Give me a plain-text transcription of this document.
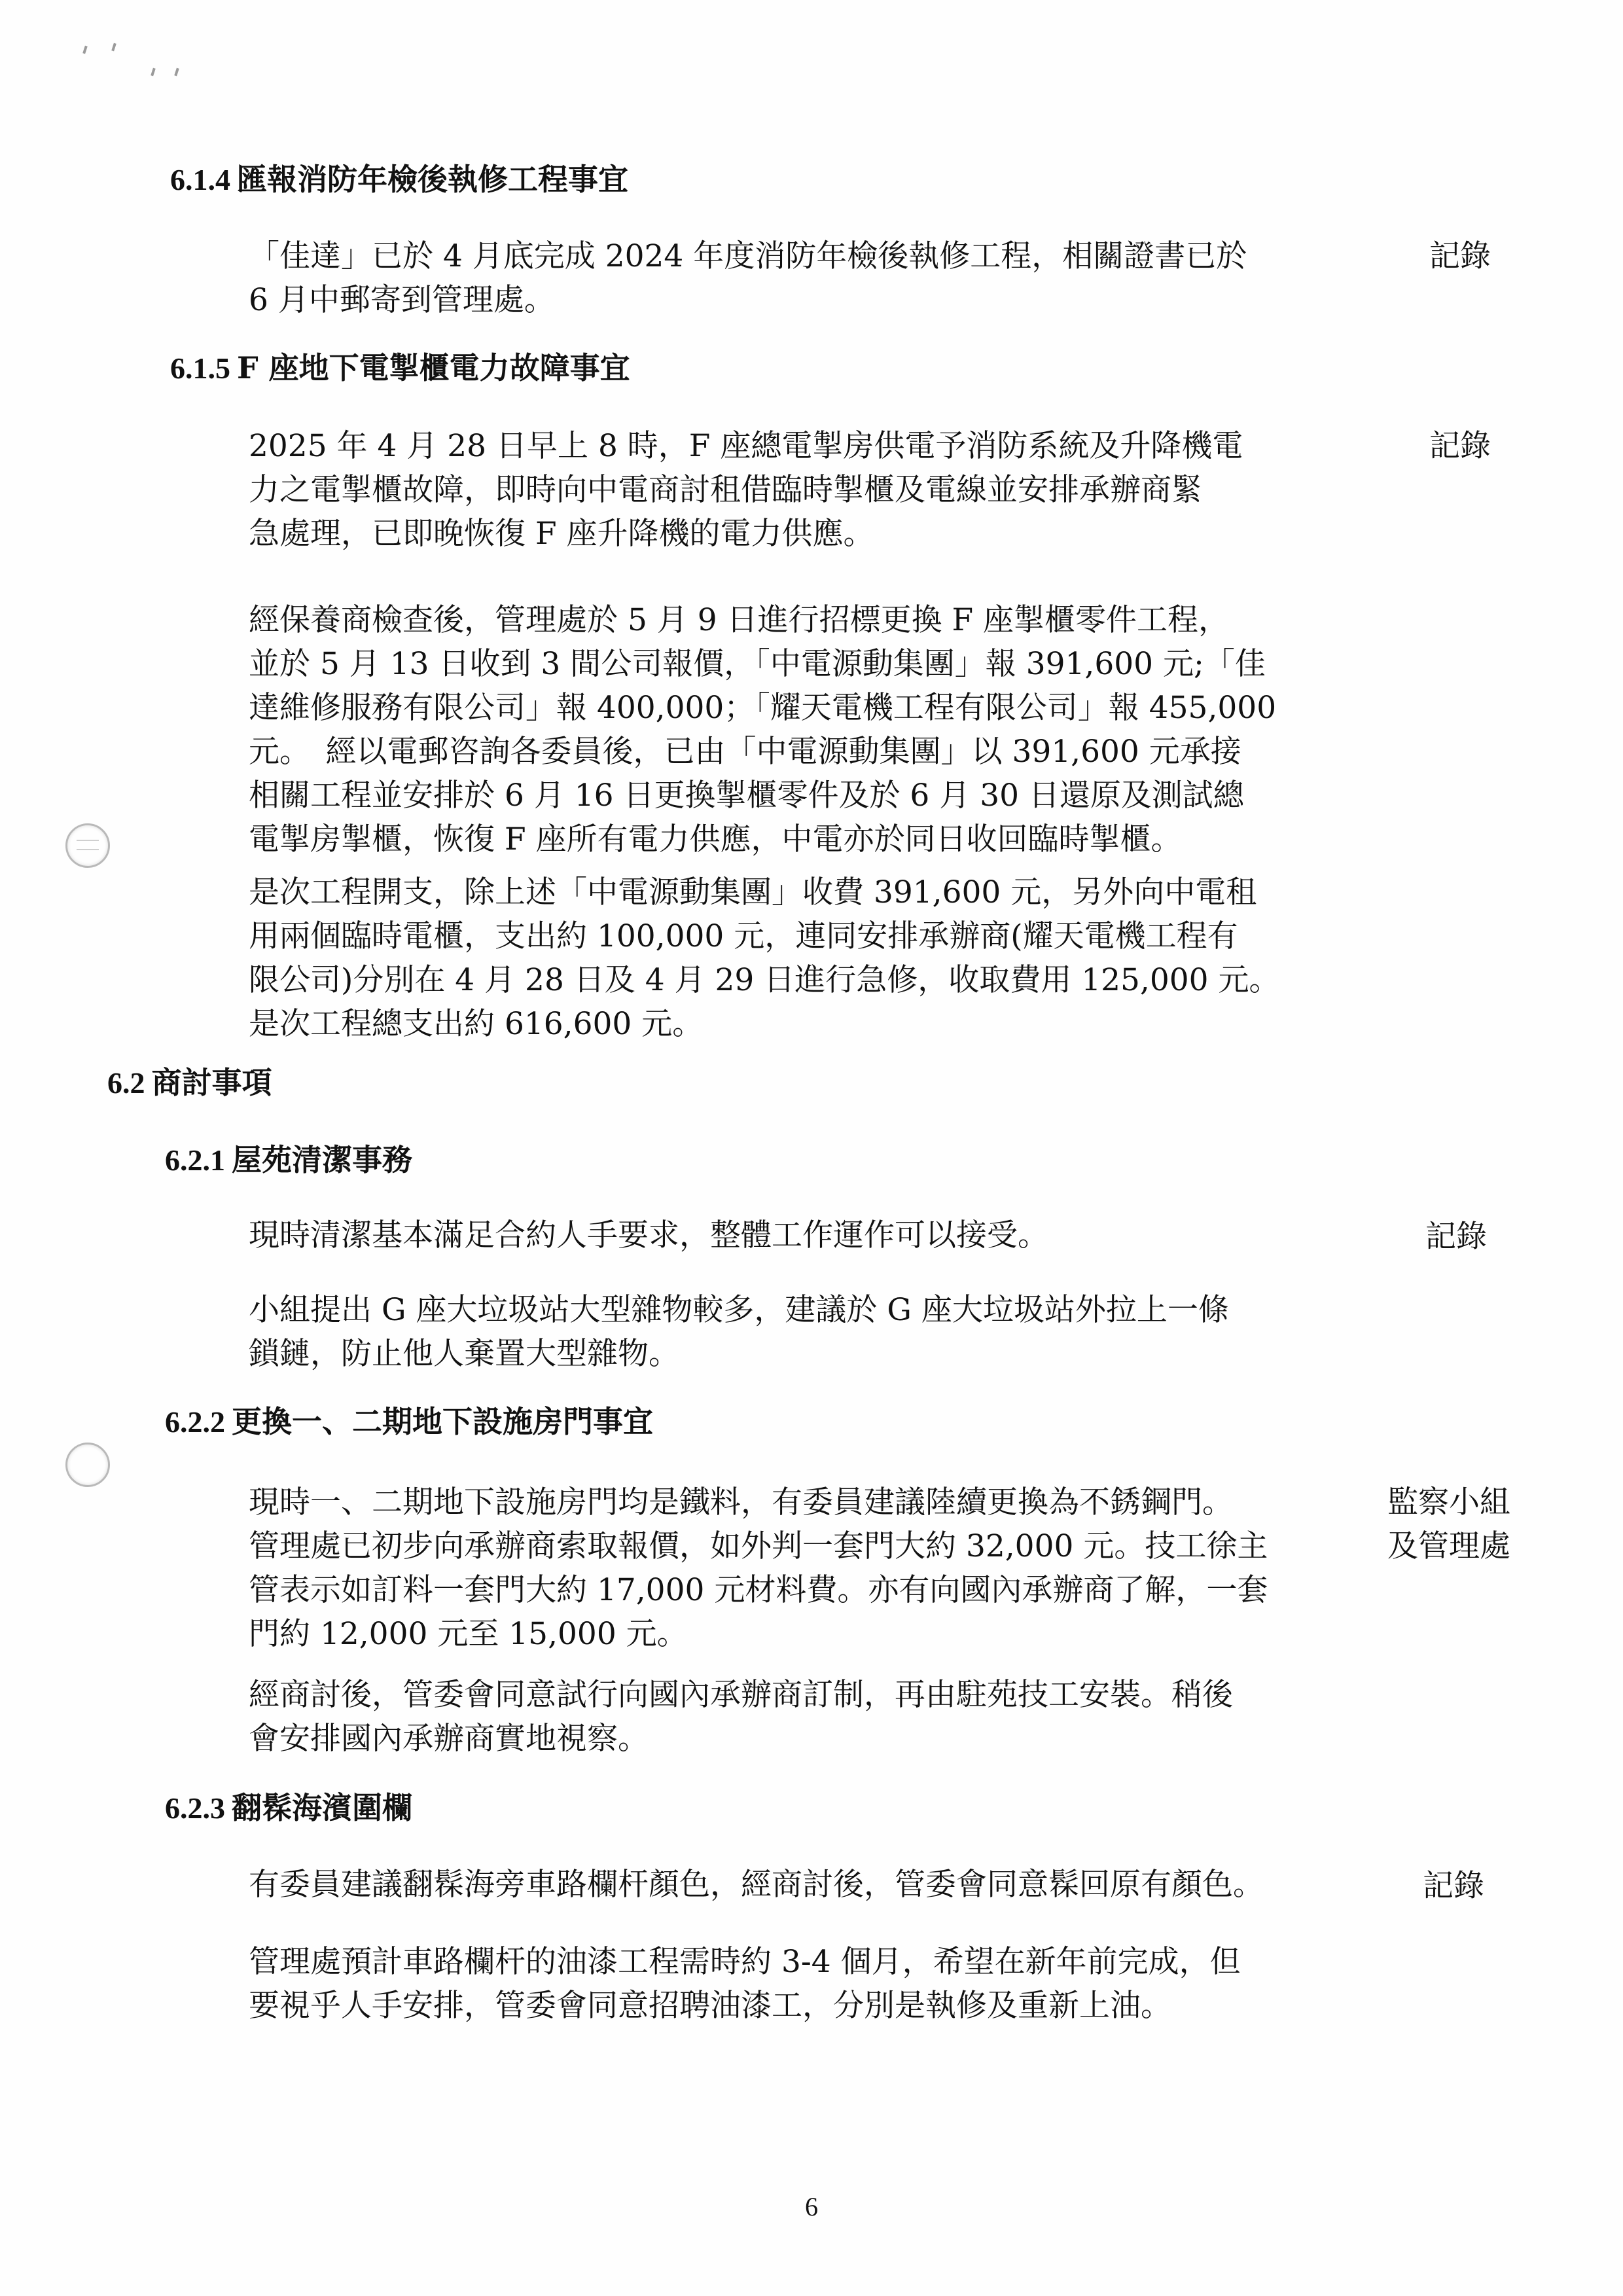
6.1.4 匯報消防年檢後執修工程事宜
「佳達」已於 4 月底完成 2024 年度消防年檢後執修工程，相關證書已於
6 月中郵寄到管理處。
記錄
6.1.5 F 座地下電掣櫃電力故障事宜
2025 年 4 月 28 日早上 8 時，F 座總電掣房供電予消防系統及升降機電
力之電掣櫃故障，即時向中電商討租借臨時掣櫃及電線並安排承辦商緊
急處理，已即晚恢復 F 座升降機的電力供應。
記錄
經保養商檢查後，管理處於 5 月 9 日進行招標更換 F 座掣櫃零件工程，
並於 5 月 13 日收到 3 間公司報價，「中電源動集團」報 391,600 元;「佳
達維修服務有限公司」報 400,000；「耀天電機工程有限公司」報 455,000
元。　經以電郵咨詢各委員後，已由「中電源動集團」以 391,600 元承接
相關工程並安排於 6 月 16 日更換掣櫃零件及於 6 月 30 日還原及測試總
電掣房掣櫃，恢復 F 座所有電力供應，中電亦於同日收回臨時掣櫃。
是次工程開支，除上述「中電源動集團」收費 391,600 元，另外向中電租
用兩個臨時電櫃，支出約 100,000 元，連同安排承辦商(耀天電機工程有
限公司)分別在 4 月 28 日及 4 月 29 日進行急修，收取費用 125,000 元。
是次工程總支出約 616,600 元。
6.2 商討事項
6.2.1 屋苑清潔事務
現時清潔基本滿足合約人手要求，整體工作運作可以接受。	記錄
小組提出 G 座大垃圾站大型雜物較多，建議於 G 座大垃圾站外拉上一條
鎖鏈，防止他人棄置大型雜物。
6.2.2 更換一、二期地下設施房門事宜
現時一、二期地下設施房門均是鐵料，有委員建議陸續更換為不銹鋼門。
管理處已初步向承辦商索取報價，如外判一套門大約 32,000 元。技工徐主
管表示如訂料一套門大約 17,000 元材料費。亦有向國內承辦商了解，一套
門約 12,000 元至 15,000 元。
監察小組
及管理處
經商討後，管委會同意試行向國內承辦商訂制，再由駐苑技工安裝。稍後
會安排國內承辦商實地視察。
6.2.3 翻髹海濱圍欄
有委員建議翻髹海旁車路欄杆顏色，經商討後，管委會同意髹回原有顏色。	記錄
管理處預計車路欄杆的油漆工程需時約 3-4 個月，希望在新年前完成，但
要視乎人手安排，管委會同意招聘油漆工，分別是執修及重新上油。
6
